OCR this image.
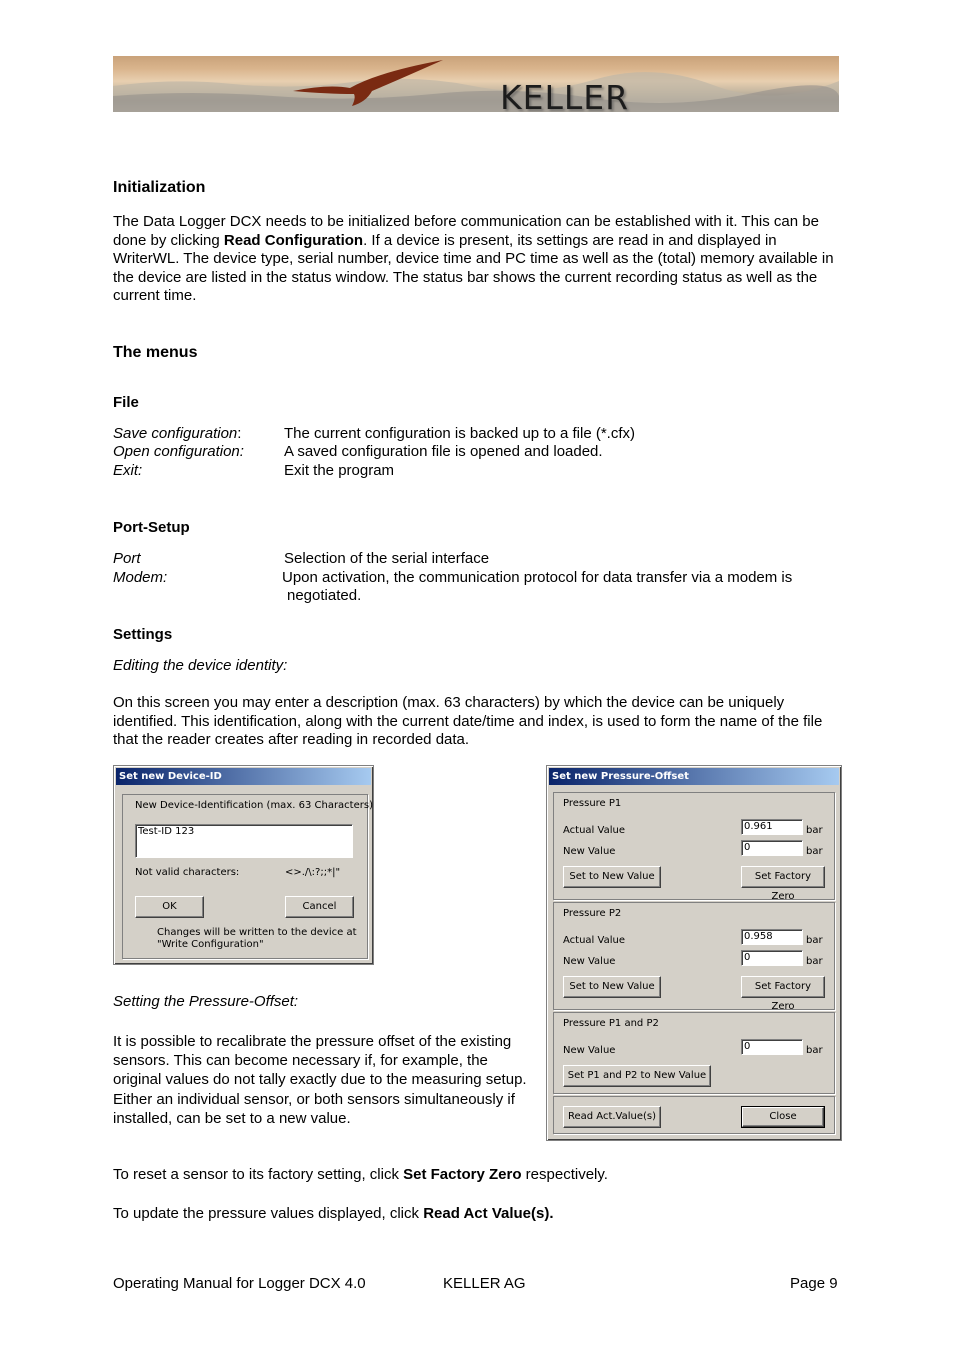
KELLER
Initialization
The Data Logger DCX needs to be initialized before communication can be established with it. This can be done by clicking Read Configuration. If a device is present, its settings are read in and displayed in WriterWL. The device type, serial number, device time and PC time as well as the (total) memory available in the device are listed in the status window. The status bar shows the current recording status as well as the current time.
The menus
File
Save configuration:	The current configuration is backed up to a file (*.cfx)
Open configuration:	A saved configuration file is opened and loaded.
Exit:	Exit the program
Port-Setup
Port	Selection of the serial interface
Modem:	Upon activation, the communication protocol for data transfer via a modem is
negotiated.
Settings
Editing the device identity:
On this screen you may enter a description (max. 63 characters) by which the device can be uniquely identified. This identification, along with the current date/time and index, is used to form the name of the file that the reader creates after reading in recorded data.
Set new Device-ID
New Device-Identification (max. 63 Characters)
Test-ID 123
Not valid characters:	<>./\:?;;*|"
OK	Cancel
Changes will be written to the device at
"Write Configuration"
Set new Pressure-Offset
Pressure P1
Actual Value	0.961	bar
New Value	0	bar
Set to New Value	Set Factory Zero
Pressure P2
Actual Value	0.958	bar
New Value	0	bar
Set to New Value	Set Factory Zero
Pressure P1 and P2
New Value	0	bar
Set P1 and P2 to New Value
Read Act.Value(s)	Close
Setting the Pressure-Offset:
It is possible to recalibrate the pressure offset of the existing sensors. This can become necessary if, for example, the original values do not tally exactly due to the measuring setup. Either an individual sensor, or both sensors simultaneously if installed, can be set to a new value.
To reset a sensor to its factory setting, click Set Factory Zero respectively.
To update the pressure values displayed, click Read Act Value(s).
Operating Manual for Logger DCX 4.0	KELLER AG	Page 9
